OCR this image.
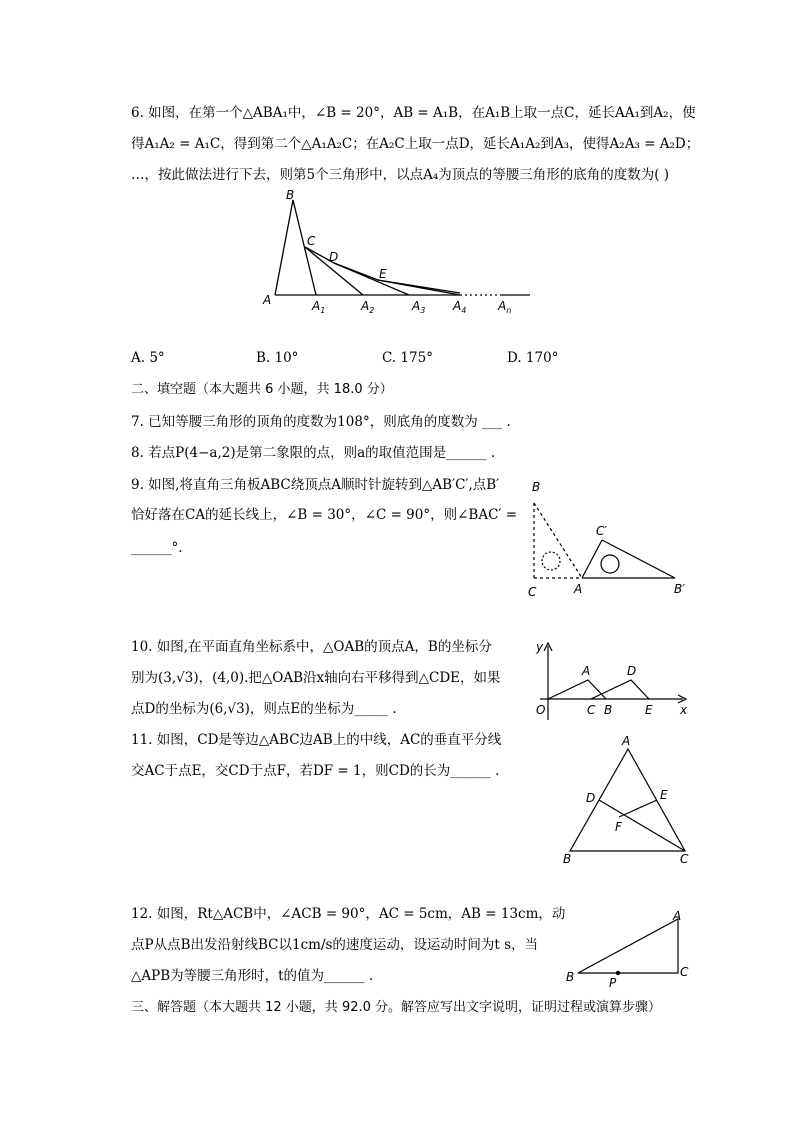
6. 如图，在第一个△ABA₁中，∠B = 20°，AB = A₁B，在A₁B上取一点C，延长AA₁到A₂，使
得A₁A₂ = A₁C，得到第二个△A₁A₂C；在A₂C上取一点D，延长A₁A₂到A₃，使得A₂A₃ = A₂D；
…，按此做法进行下去，则第5个三角形中，以点A₄为顶点的等腰三角形的底角的度数为( )
B
C
D
E
A	$A_1$	$A_2$	$A_3$ $A_4$	$A_n$
A. 5°	B. 10°	C. 175°	D. 170°
二、填空题（本大题共 6 小题，共 18.0 分）
7. 已知等腰三角形的顶角的度数为108°，则底角的度数为 ___ .
8. 若点P(4−a,2)是第二象限的点，则a的取值范围是______ .
9. 如图,将直角三角板ABC绕顶点A顺时针旋转到△AB′C′,点B′
恰好落在CA的延长线上，∠B = 30°，∠C = 90°，则∠BAC′ =
______°.
B
C	A
C′
B′
10. 如图,在平面直角坐标系中，△OAB的顶点A，B的坐标分
别为(3,√3)，(4,0).把△OAB沿x轴向右平移得到△CDE，如果
点D的坐标为(6,√3)，则点E的坐标为_____ .
y
x
O
A	D
C B	E
11. 如图，CD是等边△ABC边AB上的中线，AC的垂直平分线
交AC于点E，交CD于点F，若DF = 1，则CD的长为______ .
A
D	E
F
B	C
12. 如图，Rt△ACB中，∠ACB = 90°，AC = 5cm，AB = 13cm，动
点P从点B出发沿射线BC以1cm/s的速度运动，设运动时间为t s，当
△APB为等腰三角形时，t的值为______ .
A
B	C
P
三、解答题（本大题共 12 小题，共 92.0 分。解答应写出文字说明，证明过程或演算步骤）
